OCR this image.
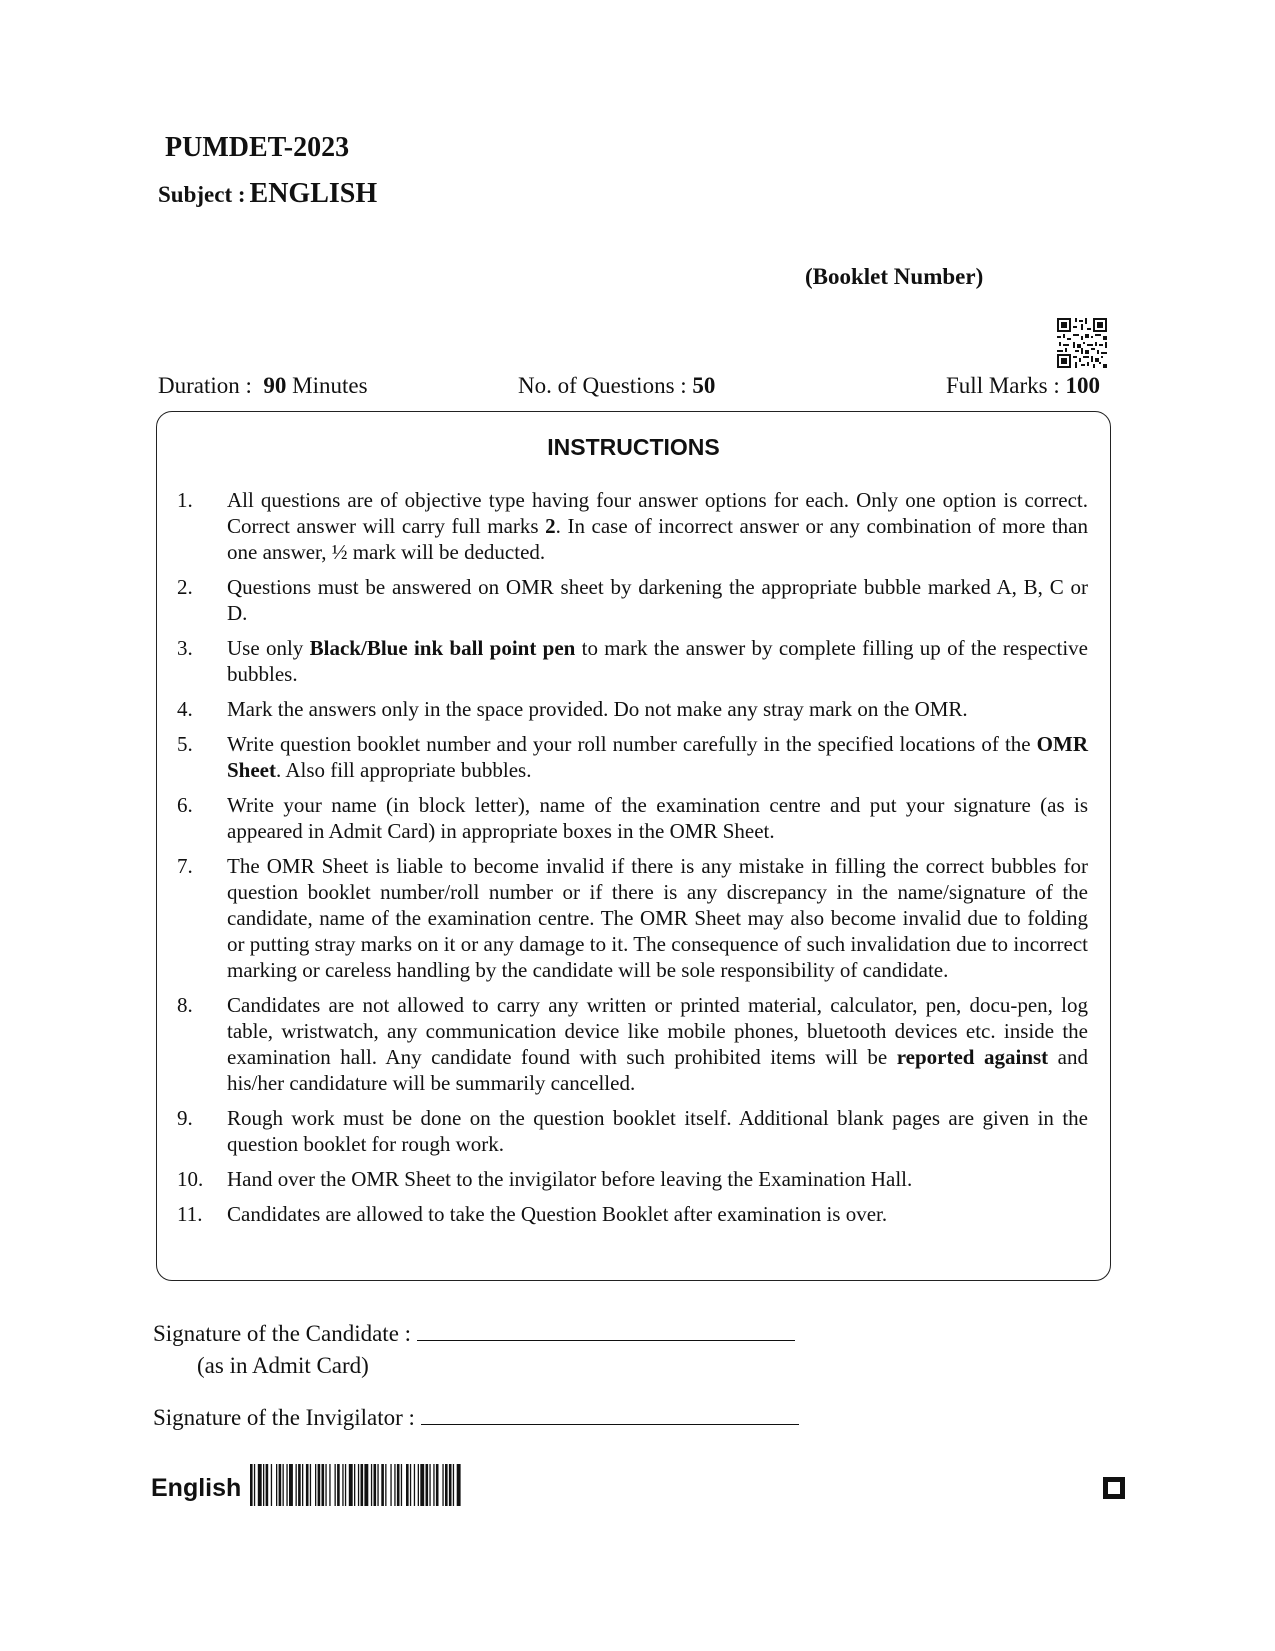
PUMDET-2023
Subject : ENGLISH
(Booklet Number)
Duration : 90 Minutes	No. of Questions : 50	Full Marks : 100
INSTRUCTIONS
1.	All questions are of objective type having four answer options for each. Only one option is correct. Correct answer will carry full marks 2. In case of incorrect answer or any combination of more than one answer, ½ mark will be deducted.
2.	Questions must be answered on OMR sheet by darkening the appropriate bubble marked A, B, C or D.
3.	Use only Black/Blue ink ball point pen to mark the answer by complete filling up of the respective bubbles.
4.	Mark the answers only in the space provided. Do not make any stray mark on the OMR.
5.	Write question booklet number and your roll number carefully in the specified locations of the OMR Sheet. Also fill appropriate bubbles.
6.	Write your name (in block letter), name of the examination centre and put your signature (as is appeared in Admit Card) in appropriate boxes in the OMR Sheet.
7.	The OMR Sheet is liable to become invalid if there is any mistake in filling the correct bubbles for question booklet number/roll number or if there is any discrepancy in the name/signature of the candidate, name of the examination centre. The OMR Sheet may also become invalid due to folding or putting stray marks on it or any damage to it. The consequence of such invalidation due to incorrect marking or careless handling by the candidate will be sole responsibility of candidate.
8.	Candidates are not allowed to carry any written or printed material, calculator, pen, docu-pen, log table, wristwatch, any communication device like mobile phones, bluetooth devices etc. inside the examination hall. Any candidate found with such prohibited items will be reported against and his/her candidature will be summarily cancelled.
9.	Rough work must be done on the question booklet itself. Additional blank pages are given in the question booklet for rough work.
10.	Hand over the OMR Sheet to the invigilator before leaving the Examination Hall.
11.	Candidates are allowed to take the Question Booklet after examination is over.
Signature of the Candidate :
(as in Admit Card)
Signature of the Invigilator :
English
